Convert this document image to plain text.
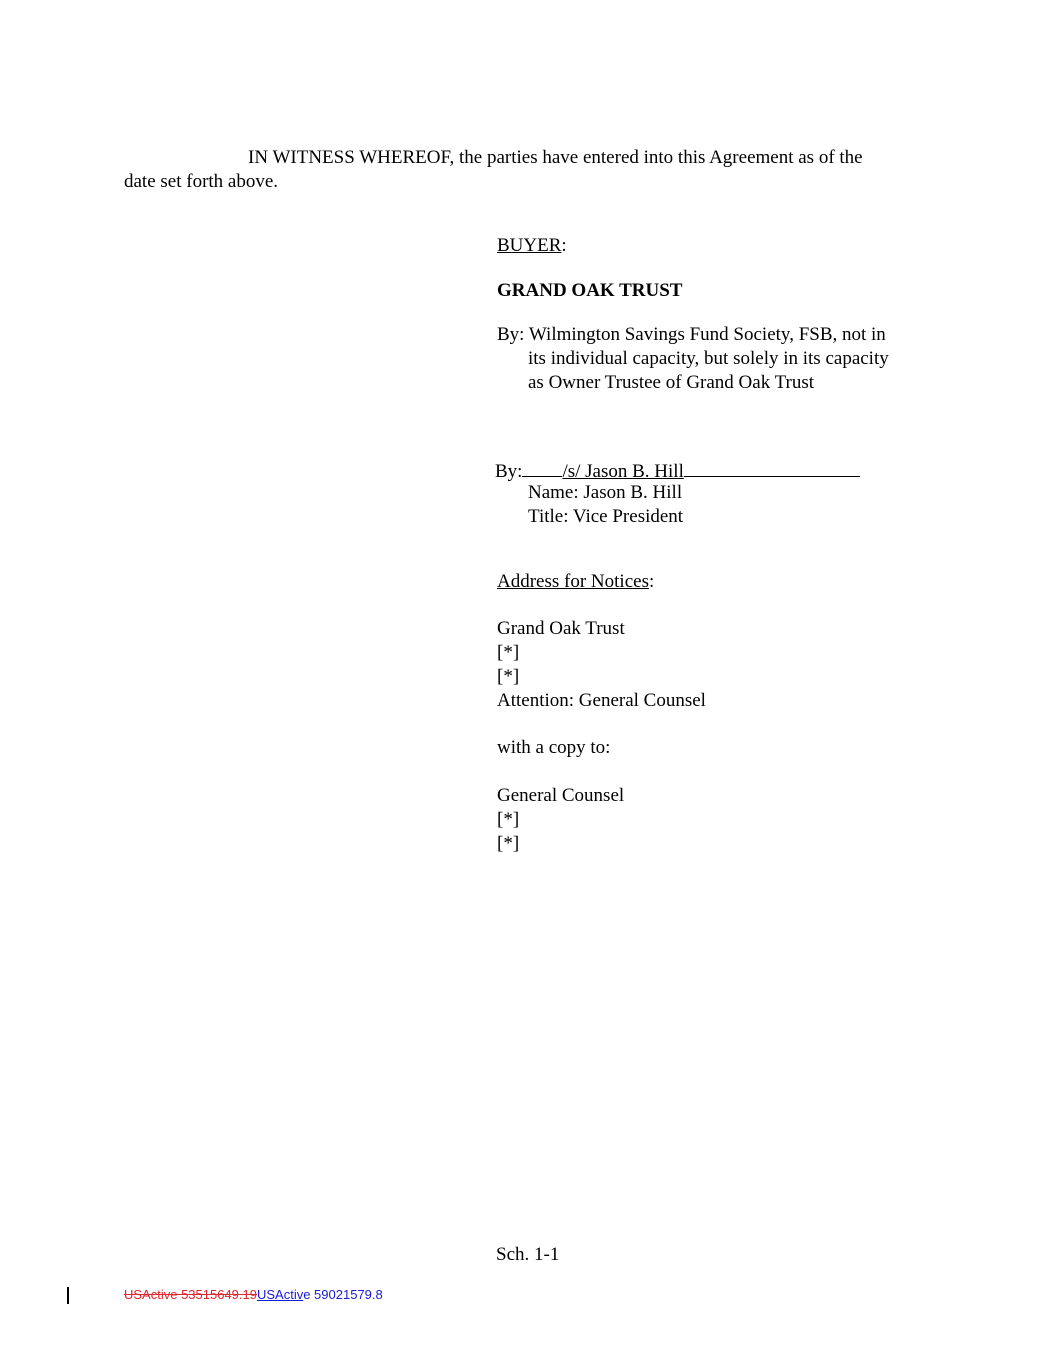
IN WITNESS WHEREOF, the parties have entered into this Agreement as of the
date set forth above.
BUYER:
GRAND OAK TRUST
By: Wilmington Savings Fund Society, FSB, not in
its individual capacity, but solely in its capacity
as Owner Trustee of Grand Oak Trust
By: /s/ Jason B. Hill
Name: Jason B. Hill
Title: Vice President
Address for Notices:
Grand Oak Trust
[*]
[*]
Attention: General Counsel
with a copy to:
General Counsel
[*]
[*]
Sch. 1-1
USActive 53515649.19USActive 59021579.8
